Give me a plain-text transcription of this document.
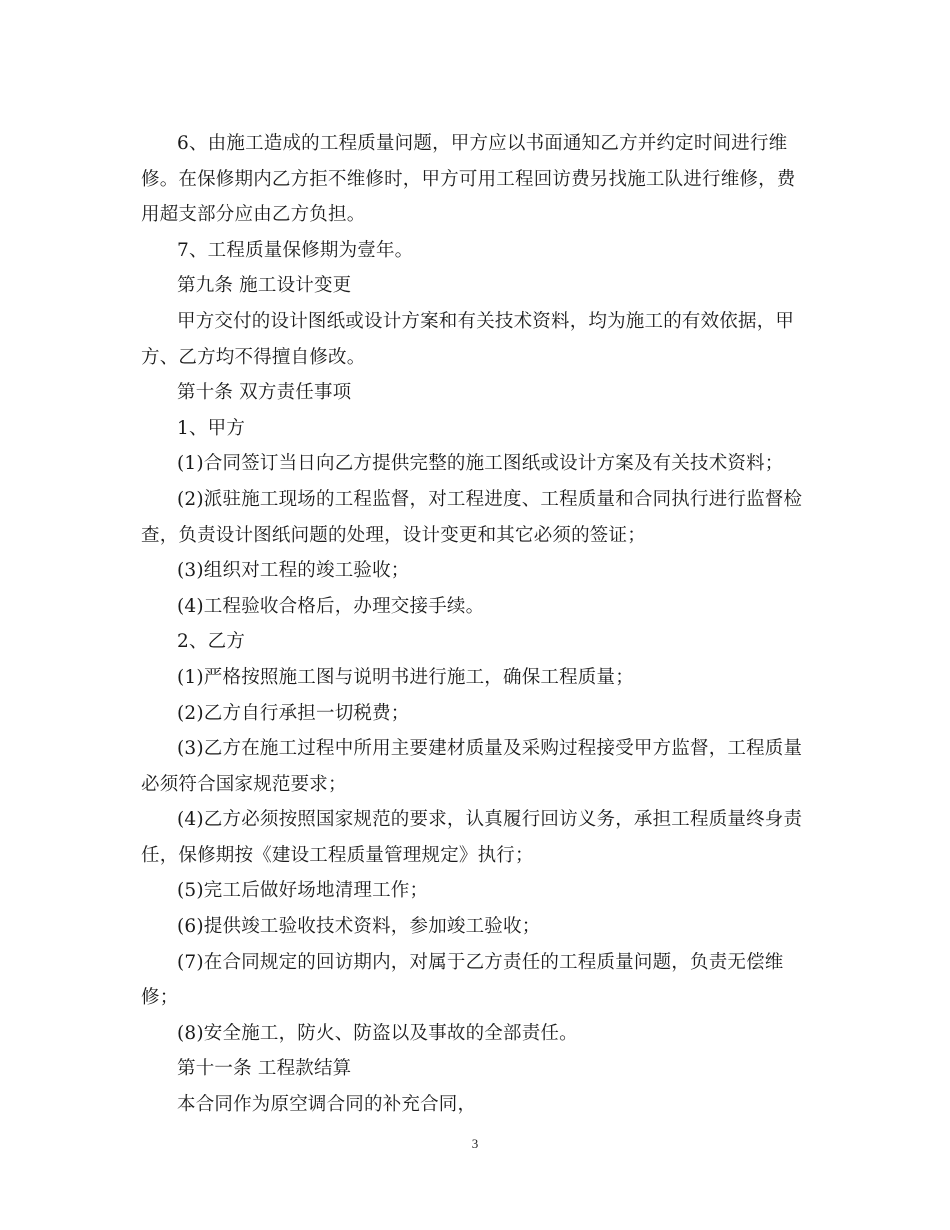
6、由施工造成的工程质量问题，甲方应以书面通知乙方并约定时间进行维修。在保修期内乙方拒不维修时，甲方可用工程回访费另找施工队进行维修，费用超支部分应由乙方负担。

7、工程质量保修期为壹年。

第九条 施工设计变更

甲方交付的设计图纸或设计方案和有关技术资料，均为施工的有效依据，甲方、乙方均不得擅自修改。

第十条 双方责任事项

1、甲方

(1)合同签订当日向乙方提供完整的施工图纸或设计方案及有关技术资料；

(2)派驻施工现场的工程监督，对工程进度、工程质量和合同执行进行监督检查，负责设计图纸问题的处理，设计变更和其它必须的签证；

(3)组织对工程的竣工验收；

(4)工程验收合格后，办理交接手续。

2、乙方

(1)严格按照施工图与说明书进行施工，确保工程质量；

(2)乙方自行承担一切税费；

(3)乙方在施工过程中所用主要建材质量及采购过程接受甲方监督，工程质量必须符合国家规范要求；

(4)乙方必须按照国家规范的要求，认真履行回访义务，承担工程质量终身责任，保修期按《建设工程质量管理规定》执行；

(5)完工后做好场地清理工作；

(6)提供竣工验收技术资料，参加竣工验收；

(7)在合同规定的回访期内，对属于乙方责任的工程质量问题，负责无偿维修；

(8)安全施工，防火、防盗以及事故的全部责任。

第十一条 工程款结算

本合同作为原空调合同的补充合同，

3
